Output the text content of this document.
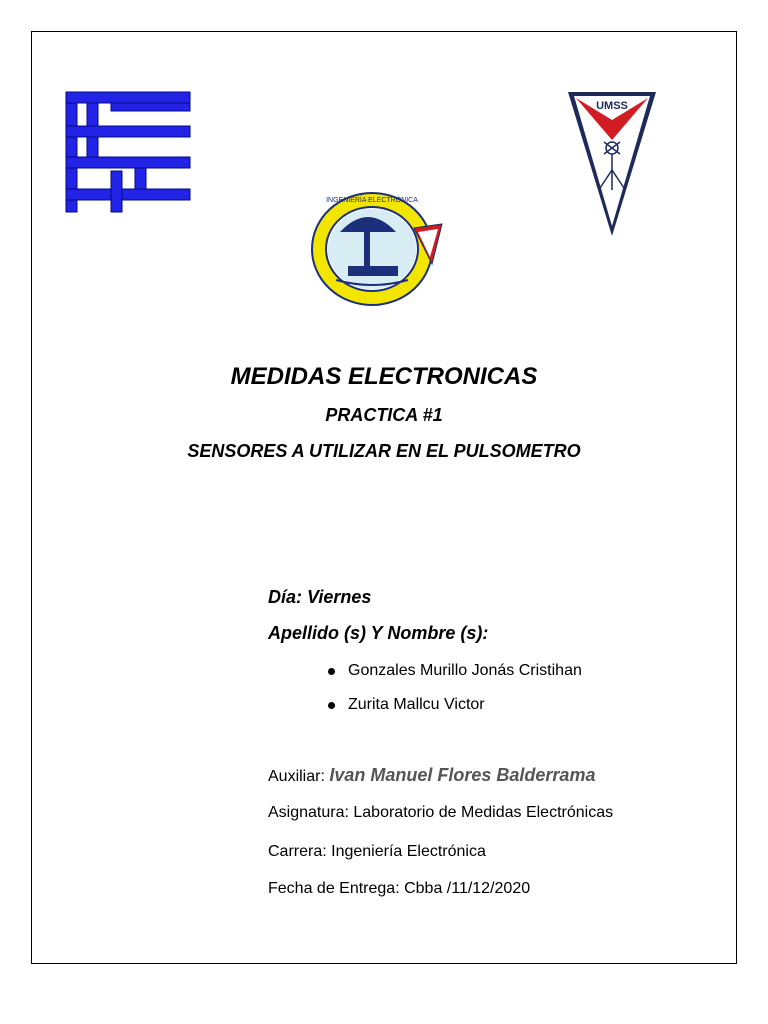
INGENIERÍA ELECTRÓNICA
UMSS
MEDIDAS ELECTRONICAS
PRACTICA #1
SENSORES A UTILIZAR EN EL PULSOMETRO
Día: Viernes
Apellido (s) Y Nombre (s):
Gonzales Murillo Jonás Cristihan
Zurita Mallcu Victor
Auxiliar: Ivan Manuel Flores Balderrama
Asignatura: Laboratorio de Medidas Electrónicas
Carrera: Ingeniería Electrónica
Fecha de Entrega: Cbba /11/12/2020
